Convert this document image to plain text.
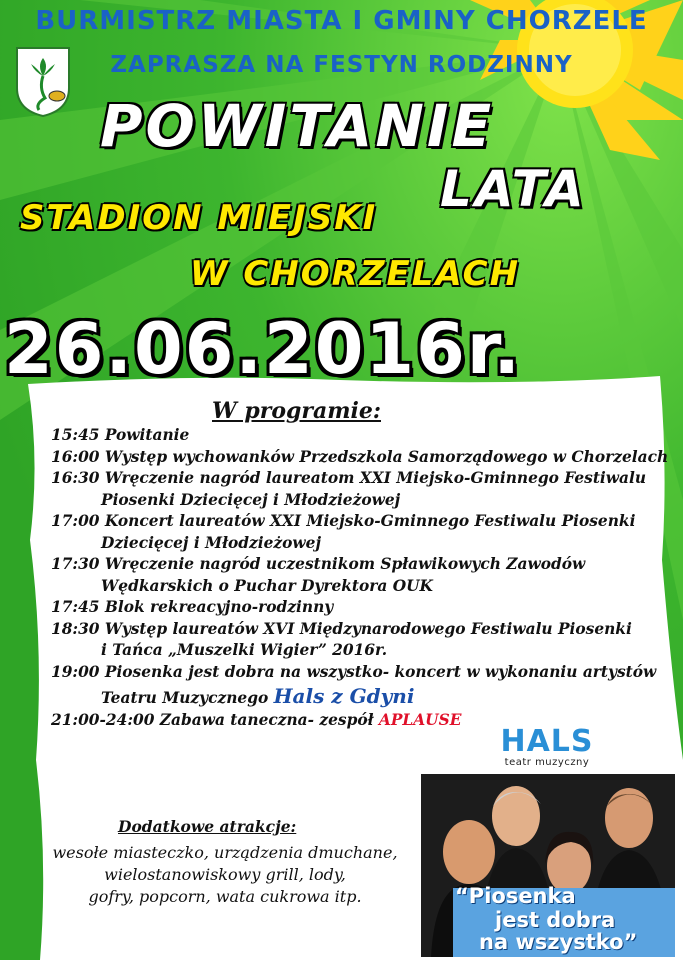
BURMISTRZ MIASTA I GMINY CHORZELE
ZAPRASZA NA FESTYN RODZINNY
POWITANIE
LATA
STADION MIEJSKI
W CHORZELACH
26.06.2016r.
W programie:
15:45 Powitanie
16:00 Występ wychowanków Przedszkola Samorządowego w Chorzelach
16:30 Wręczenie nagród laureatom XXI Miejsko-Gminnego Festiwalu
Piosenki Dziecięcej i Młodzieżowej
17:00 Koncert laureatów XXI Miejsko-Gminnego Festiwalu Piosenki
Dziecięcej i Młodzieżowej
17:30 Wręczenie nagród uczestnikom Spławikowych Zawodów
Wędkarskich o Puchar Dyrektora OUK
17:45 Blok rekreacyjno-rodzinny
18:30 Występ laureatów XVI Międzynarodowego Festiwalu Piosenki
i Tańca „Muszelki Wigier” 2016r.
19:00 Piosenka jest dobra na wszystko- koncert w wykonaniu artystów
Teatru Muzycznego Hals z Gdyni
21:00-24:00 Zabawa taneczna- zespół APLAUSE
Dodatkowe atrakcje:
wesołe miasteczko, urządzenia dmuchane,
wielostanowiskowy grill, lody,
gofry, popcorn, wata cukrowa itp.
HALS
teatr muzyczny
“Piosenka
jest dobra
na wszystko”
